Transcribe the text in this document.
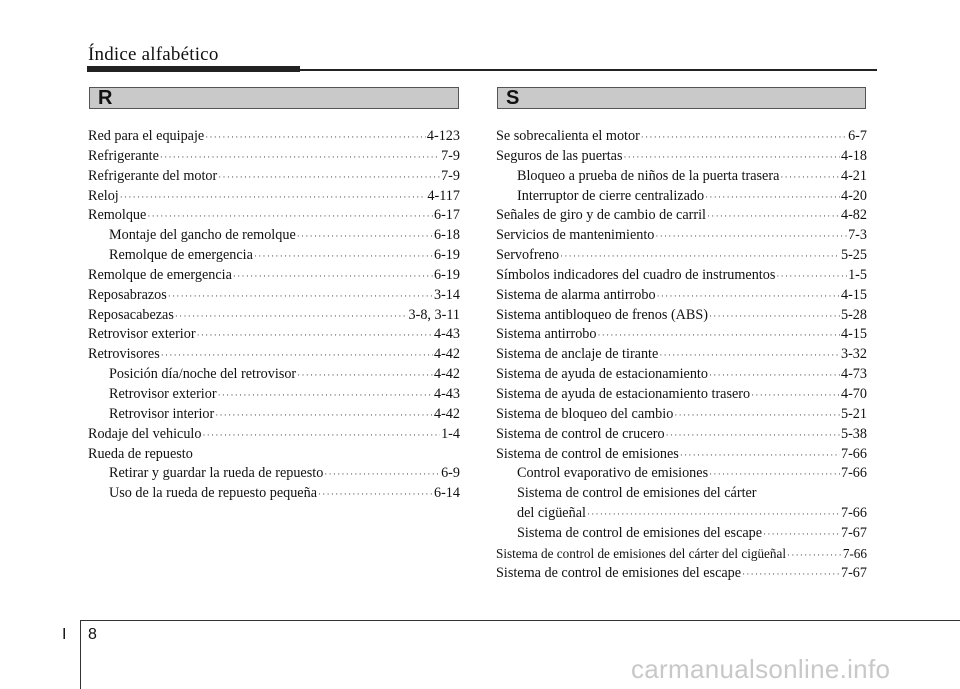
Índice alfabético
R	S
Red para el equipaje ·····	4-123
Refrigerante ·····	7-9
Refrigerante del motor ·····	7-9
Reloj ·····	4-117
Remolque ·····	6-17
Montaje del gancho de remolque ·····	6-18
Remolque de emergencia ·····	6-19
Remolque de emergencia ·····	6-19
Reposabrazos ·····	3-14
Reposacabezas ·····	3-8, 3-11
Retrovisor exterior ·····	4-43
Retrovisores ·····	4-42
Posición día/noche del retrovisor ·····	4-42
Retrovisor exterior ·····	4-43
Retrovisor interior ·····	4-42
Rodaje del vehiculo ·····	1-4
Rueda de repuesto
Retirar y guardar la rueda de repuesto ·····	6-9
Uso de la rueda de repuesto pequeña ·····	6-14
Se sobrecalienta el motor ·····	6-7
Seguros de las puertas ·····	4-18
Bloqueo a prueba de niños de la puerta trasera ·····	4-21
Interruptor de cierre centralizado ·····	4-20
Señales de giro y de cambio de carril ·····	4-82
Servicios de mantenimiento ·····	7-3
Servofreno ·····	5-25
Símbolos indicadores del cuadro de instrumentos ·····	1-5
Sistema de alarma antirrobo ·····	4-15
Sistema antibloqueo de frenos (ABS) ·····	5-28
Sistema antirrobo ·····	4-15
Sistema de anclaje de tirante ·····	3-32
Sistema de ayuda de estacionamiento ·····	4-73
Sistema de ayuda de estacionamiento trasero ·····	4-70
Sistema de bloqueo del cambio ·····	5-21
Sistema de control de crucero ·····	5-38
Sistema de control de emisiones ·····	7-66
Control evaporativo de emisiones ·····	7-66
Sistema de control de emisiones del cárter
del cigüeñal ·····	7-66
Sistema de control de emisiones del escape ·····	7-67
Sistema de control de emisiones del cárter del cigüeñal ·····	7-66
Sistema de control de emisiones del escape ·····	7-67
I 8
carmanualsonline.info
